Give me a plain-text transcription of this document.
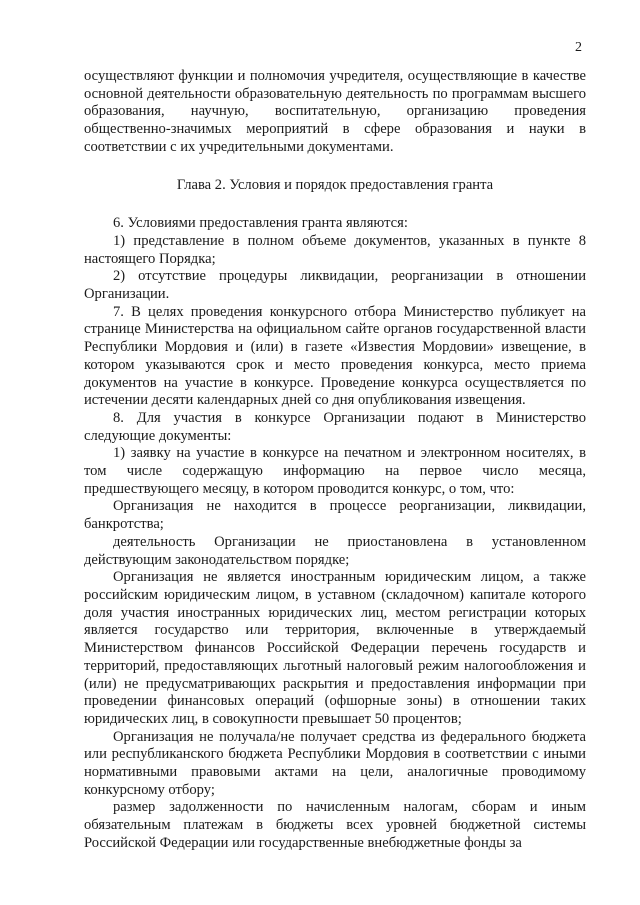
2

осуществляют функции и полномочия учредителя, осуществляющие в качестве основной деятельности образовательную деятельность по программам высшего образования, научную, воспитательную, организацию проведения общественно-значимых мероприятий в сфере образования и науки в соответствии с их учредительными документами.

Глава 2. Условия и порядок предоставления гранта

6. Условиями предоставления гранта являются:

1) представление в полном объеме документов, указанных в пункте 8 настоящего Порядка;

2) отсутствие процедуры ликвидации, реорганизации в отношении Организации.

7. В целях проведения конкурсного отбора Министерство публикует на странице Министерства на официальном сайте органов государственной власти Республики Мордовия и (или) в газете «Известия Мордовии» извещение, в котором указываются срок и место проведения конкурса, место приема документов на участие в конкурсе. Проведение конкурса осуществляется по истечении десяти календарных дней со дня опубликования извещения.

8. Для участия в конкурсе Организации подают в Министерство следующие документы:

1) заявку на участие в конкурсе на печатном и электронном носителях, в том числе содержащую информацию на первое число месяца, предшествующего месяцу, в котором проводится конкурс, о том, что:

Организация не находится в процессе реорганизации, ликвидации, банкротства;

деятельность Организации не приостановлена в установленном действующим законодательством порядке;

Организация не является иностранным юридическим лицом, а также российским юридическим лицом, в уставном (складочном) капитале которого доля участия иностранных юридических лиц, местом регистрации которых является государство или территория, включенные в утверждаемый Министерством финансов Российской Федерации перечень государств и территорий, предоставляющих льготный налоговый режим налогообложения и (или) не предусматривающих раскрытия и предоставления информации при проведении финансовых операций (офшорные зоны) в отношении таких юридических лиц, в совокупности превышает 50 процентов;

Организация не получала/не получает средства из федерального бюджета или республиканского бюджета Республики Мордовия в соответствии с иными нормативными правовыми актами на цели, аналогичные проводимому конкурсному отбору;

размер задолженности по начисленным налогам, сборам и иным обязательным платежам в бюджеты всех уровней бюджетной системы Российской Федерации или государственные внебюджетные фонды за
